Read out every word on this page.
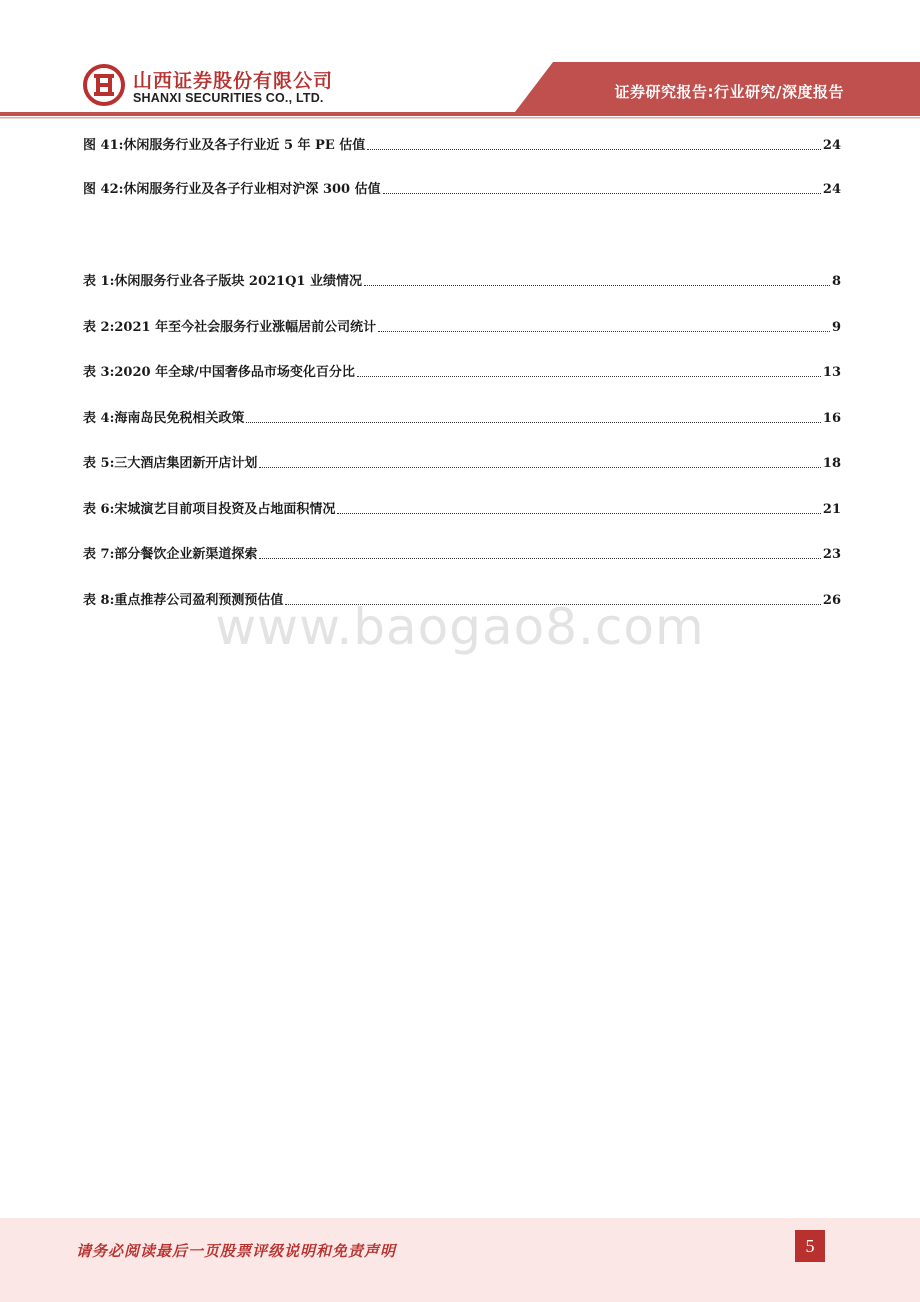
山西证券股份有限公司
SHANXI SECURITIES CO., LTD.	证券研究报告:行业研究/深度报告
图 41:休闲服务行业及各子行业近 5 年 PE 估值	24
图 42:休闲服务行业及各子行业相对沪深 300 估值	24
表 1:休闲服务行业各子版块 2021Q1 业绩情况	8
表 2:2021 年至今社会服务行业涨幅居前公司统计	9
表 3:2020 年全球/中国奢侈品市场变化百分比	13
表 4:海南岛民免税相关政策	16
表 5:三大酒店集团新开店计划	18
表 6:宋城演艺目前项目投资及占地面积情况	21
表 7:部分餐饮企业新渠道探索	23
表 8:重点推荐公司盈利预测预估值	26
www.baogao8.com
请务必阅读最后一页股票评级说明和免责声明	5
